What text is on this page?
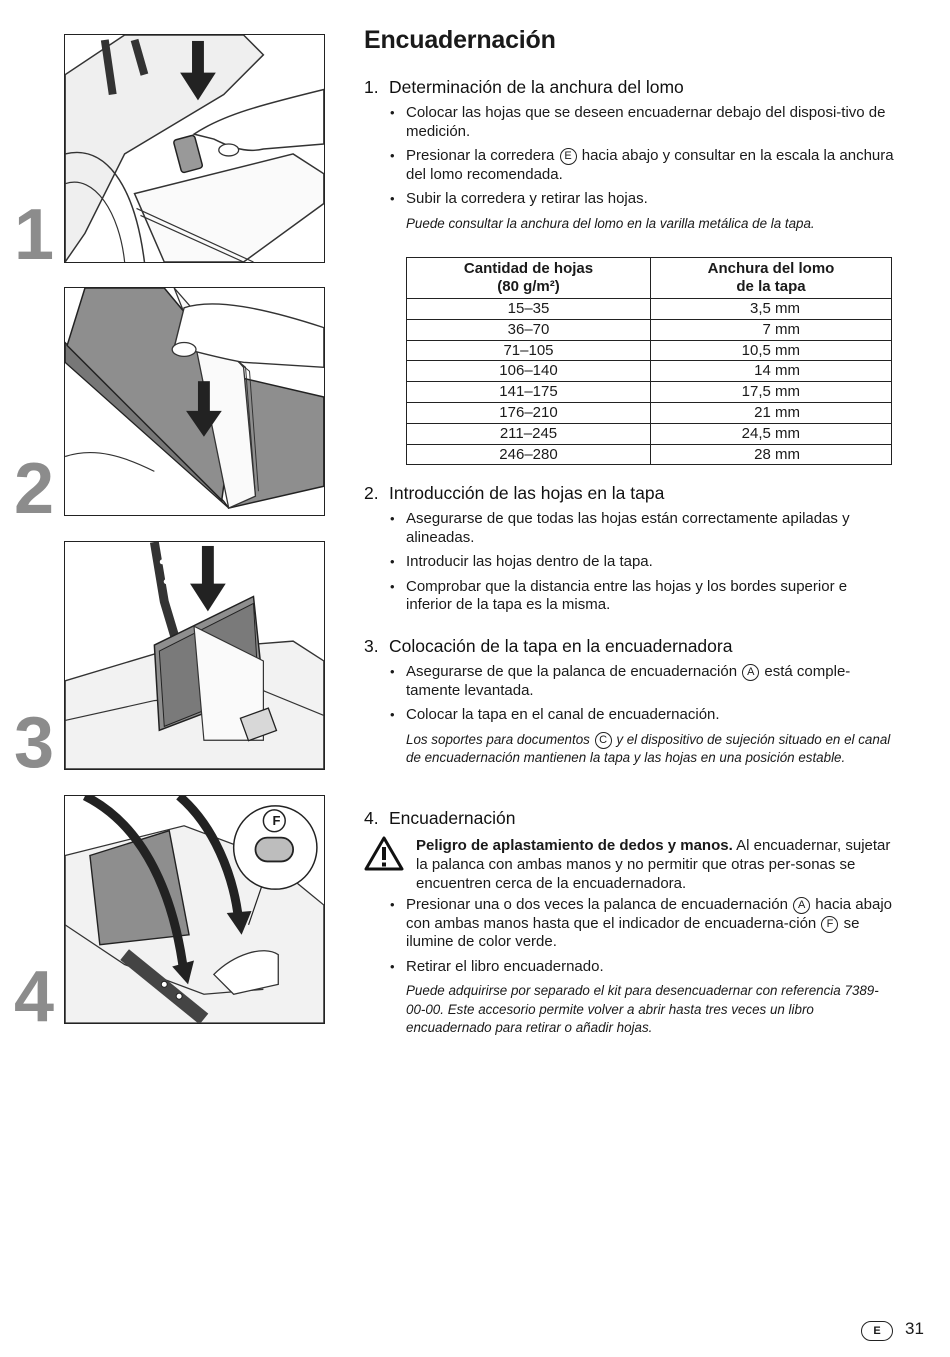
1
2
3
4
F
Encuadernación
1. Determinación de la anchura del lomo
• Colocar las hojas que se deseen encuadernar debajo del disposi-tivo de medición.
• Presionar la corredera E hacia abajo y consultar en la escala la anchura del lomo recomendada.
• Subir la corredera y retirar las hojas.

Puede consultar la anchura del lomo en la varilla metálica de la tapa.

Cantidad de hojas
(80 g/m²)	Anchura del lomo
de la tapa
15–35	3,5 mm
36–70	7 mm
71–105	10,5 mm
106–140	14 mm
141–175	17,5 mm
176–210	21 mm
211–245	24,5 mm
246–280	28 mm
2. Introducción de las hojas en la tapa
• Asegurarse de que todas las hojas están correctamente apiladas y alineadas.
• Introducir las hojas dentro de la tapa.
• Comprobar que la distancia entre las hojas y los bordes superior e inferior de la tapa es la misma.
3. Colocación de la tapa en la encuadernadora
• Asegurarse de que la palanca de encuadernación A está comple-tamente levantada.
• Colocar la tapa en el canal de encuadernación.

Los soportes para documentos C y el dispositivo de sujeción situado en el canal de encuadernación mantienen la tapa y las hojas en una posición estable.

4. Encuadernación
Peligro de aplastamiento de dedos y manos. Al encuadernar, sujetar la palanca con ambas manos y no permitir que otras per-sonas se encuentren cerca de la encuadernadora.
• Presionar una o dos veces la palanca de encuadernación A hacia abajo con ambas manos hasta que el indicador de encuaderna-ción F se ilumine de color verde.
• Retirar el libro encuadernado.

Puede adquirirse por separado el kit para desencuadernar con referencia 7389-00-00. Este accesorio permite volver a abrir hasta tres veces un libro encuadernado para retirar o añadir hojas.

E	31
